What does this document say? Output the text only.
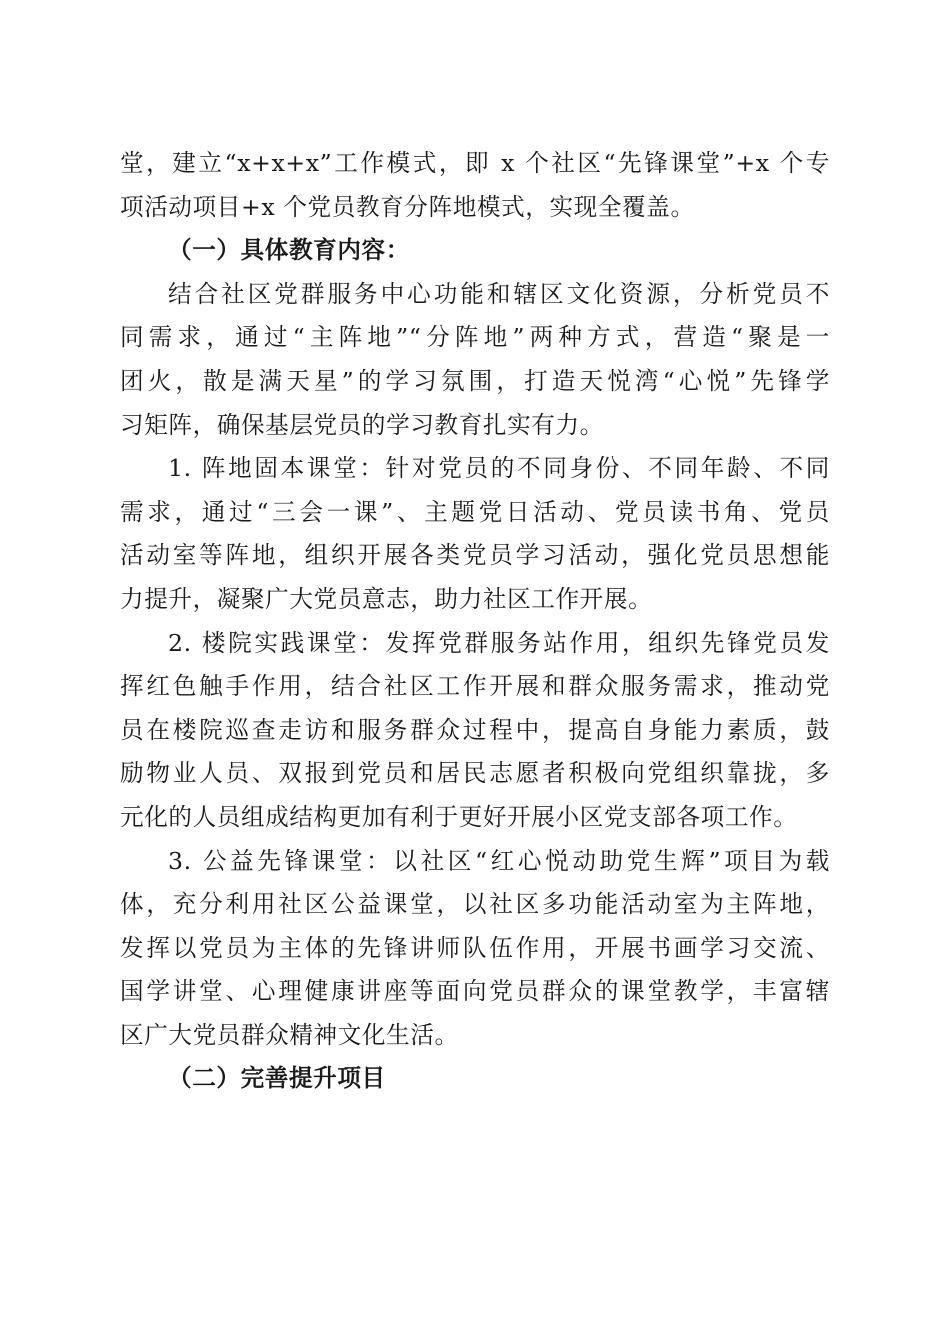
堂，建立“x+x+x”工作模式，即 x 个社区“先锋课堂”+x 个专
项活动项目+x 个党员教育分阵地模式，实现全覆盖。
（一）具体教育内容：
结合社区党群服务中心功能和辖区文化资源，分析党员不
同需求，通过“主阵地”“分阵地”两种方式，营造“聚是一
团火，散是满天星”的学习氛围，打造天悦湾“心悦”先锋学
习矩阵，确保基层党员的学习教育扎实有力。
1. 阵地固本课堂：针对党员的不同身份、不同年龄、不同
需求，通过“三会一课”、主题党日活动、党员读书角、党员
活动室等阵地，组织开展各类党员学习活动，强化党员思想能
力提升，凝聚广大党员意志，助力社区工作开展。
2. 楼院实践课堂：发挥党群服务站作用，组织先锋党员发
挥红色触手作用，结合社区工作开展和群众服务需求，推动党
员在楼院巡查走访和服务群众过程中，提高自身能力素质，鼓
励物业人员、双报到党员和居民志愿者积极向党组织靠拢，多
元化的人员组成结构更加有利于更好开展小区党支部各项工作。
3. 公益先锋课堂：以社区“红心悦动助党生辉”项目为载
体，充分利用社区公益课堂，以社区多功能活动室为主阵地，
发挥以党员为主体的先锋讲师队伍作用，开展书画学习交流、
国学讲堂、心理健康讲座等面向党员群众的课堂教学，丰富辖
区广大党员群众精神文化生活。
（二）完善提升项目
